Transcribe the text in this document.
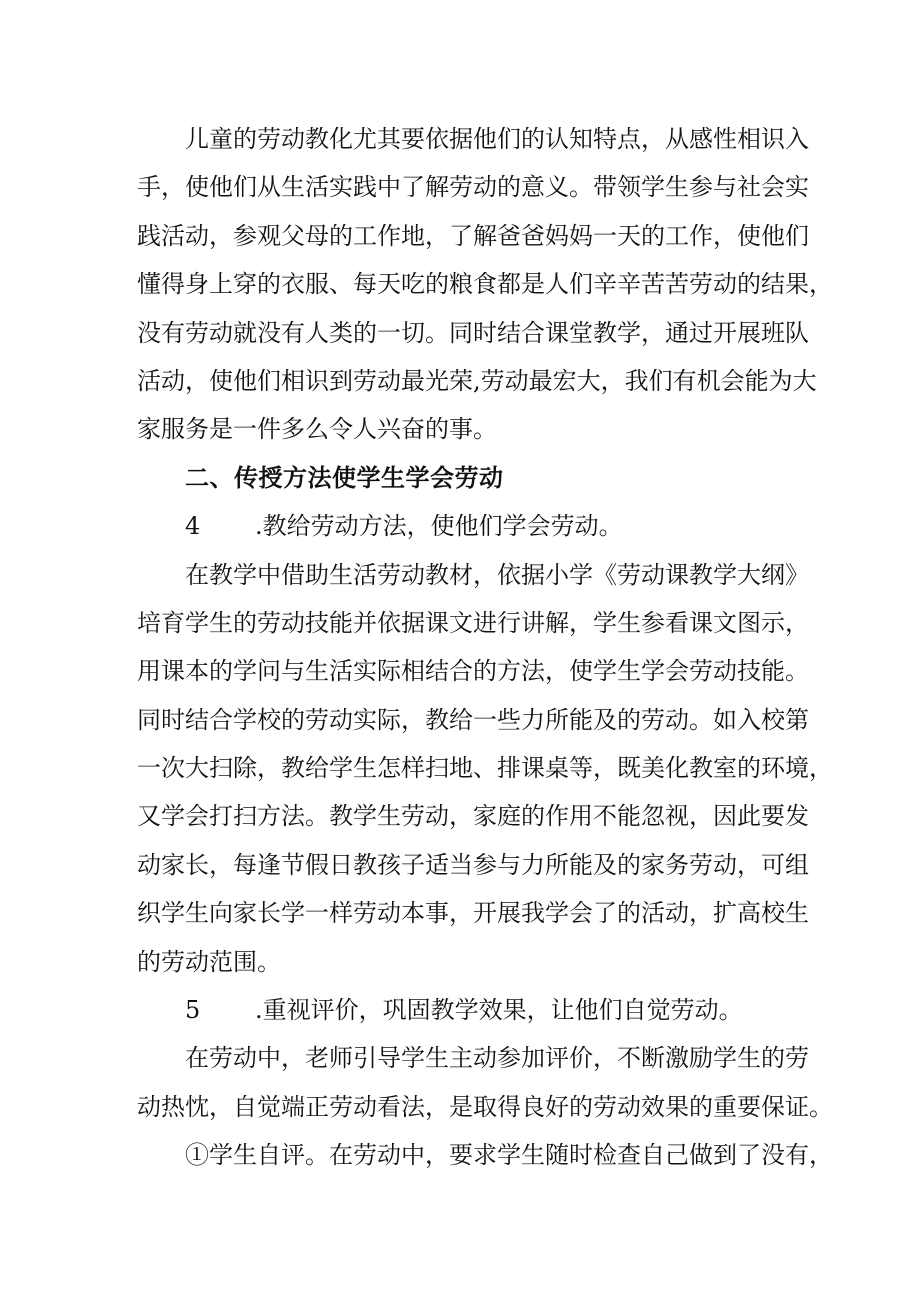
儿童的劳动教化尤其要依据他们的认知特点，从感性相识入
手，使他们从生活实践中了解劳动的意义。带领学生参与社会实
践活动，参观父母的工作地，了解爸爸妈妈一天的工作，使他们
懂得身上穿的衣服、每天吃的粮食都是人们辛辛苦苦劳动的结果，
没有劳动就没有人类的一切。同时结合课堂教学，通过开展班队
活动，使他们相识到劳动最光荣,劳动最宏大，我们有机会能为大
家服务是一件多么令人兴奋的事。
二、传授方法使学生学会劳动
4 .教给劳动方法，使他们学会劳动。
在教学中借助生活劳动教材，依据小学《劳动课教学大纲》
培育学生的劳动技能并依据课文进行讲解，学生参看课文图示，
用课本的学问与生活实际相结合的方法，使学生学会劳动技能。
同时结合学校的劳动实际，教给一些力所能及的劳动。如入校第
一次大扫除，教给学生怎样扫地、排课桌等，既美化教室的环境，
又学会打扫方法。教学生劳动，家庭的作用不能忽视，因此要发
动家长，每逢节假日教孩子适当参与力所能及的家务劳动，可组
织学生向家长学一样劳动本事，开展我学会了的活动，扩高校生
的劳动范围。
5 .重视评价，巩固教学效果，让他们自觉劳动。
在劳动中，老师引导学生主动参加评价，不断激励学生的劳
动热忱，自觉端正劳动看法，是取得良好的劳动效果的重要保证。
①学生自评。在劳动中，要求学生随时检查自己做到了没有，
